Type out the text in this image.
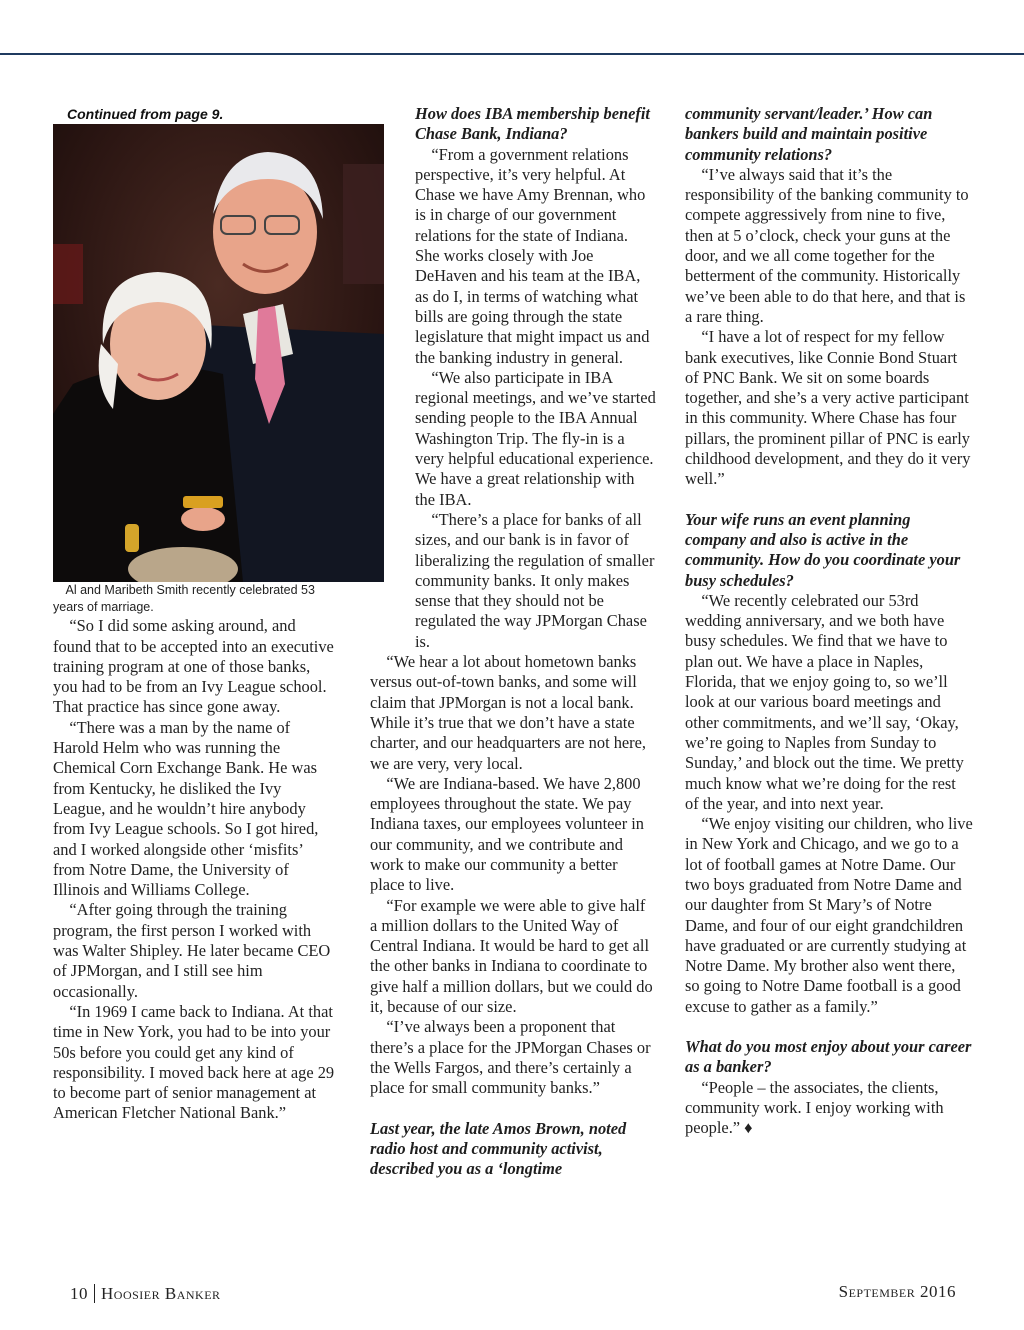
Continued from page 9.

Al and Maribeth Smith recently celebrated 53 years of marriage.

“So I did some asking around, and found that to be accepted into an executive training program at one of those banks, you had to be from an Ivy League school. That practice has since gone away.

“There was a man by the name of Harold Helm who was running the Chemical Corn Exchange Bank. He was from Kentucky, he disliked the Ivy League, and he wouldn’t hire anybody from Ivy League schools. So I got hired, and I worked alongside other ‘misfits’ from Notre Dame, the University of Illinois and Williams College.

“After going through the training program, the first person I worked with was Walter Shipley. He later became CEO of JPMorgan, and I still see him occasionally.

“In 1969 I came back to Indiana. At that time in New York, you had to be into your 50s before you could get any kind of responsibility. I moved back here at age 29 to become part of senior management at American Fletcher National Bank.”

How does IBA membership benefit Chase Bank, Indiana?

“From a government relations perspective, it’s very helpful. At Chase we have Amy Brennan, who is in charge of our government relations for the state of Indiana. She works closely with Joe DeHaven and his team at the IBA, as do I, in terms of watching what bills are going through the state legislature that might impact us and the banking industry in general.

“We also participate in IBA regional meetings, and we’ve started sending people to the IBA Annual Washington Trip. The fly-in is a very helpful educational experience. We have a great relationship with the IBA.

“There’s a place for banks of all sizes, and our bank is in favor of liberalizing the regulation of smaller community banks. It only makes sense that they should not be regulated the way JPMorgan Chase is.

“We hear a lot about hometown banks versus out-of-town banks, and some will claim that JPMorgan is not a local bank. While it’s true that we don’t have a state charter, and our headquarters are not here, we are very, very local.

“We are Indiana-based. We have 2,800 employees throughout the state. We pay Indiana taxes, our employees volunteer in our community, and we contribute and work to make our community a better place to live.

“For example we were able to give half a million dollars to the United Way of Central Indiana. It would be hard to get all the other banks in Indiana to coordinate to give half a million dollars, but we could do it, because of our size.

“I’ve always been a proponent that there’s a place for the JPMorgan Chases or the Wells Fargos, and there’s certainly a place for small community banks.”

Last year, the late Amos Brown, noted radio host and community activist, described you as a ‘longtime

community servant/leader.’ How can bankers build and maintain positive community relations?

“I’ve always said that it’s the responsibility of the banking community to compete aggressively from nine to five, then at 5 o’clock, check your guns at the door, and we all come together for the betterment of the community. Historically we’ve been able to do that here, and that is a rare thing.

“I have a lot of respect for my fellow bank executives, like Connie Bond Stuart of PNC Bank. We sit on some boards together, and she’s a very active participant in this community. Where Chase has four pillars, the prominent pillar of PNC is early childhood development, and they do it very well.”

Your wife runs an event planning company and also is active in the community. How do you coordinate your busy schedules?

“We recently celebrated our 53rd wedding anniversary, and we both have busy schedules. We find that we have to plan out. We have a place in Naples, Florida, that we enjoy going to, so we’ll look at our various board meetings and other commitments, and we’ll say, ‘Okay, we’re going to Naples from Sunday to Sunday,’ and block out the time. We pretty much know what we’re doing for the rest of the year, and into next year.

“We enjoy visiting our children, who live in New York and Chicago, and we go to a lot of football games at Notre Dame. Our two boys graduated from Notre Dame and our daughter from St Mary’s of Notre Dame, and four of our eight grandchildren have graduated or are currently studying at Notre Dame. My brother also went there, so going to Notre Dame football is a good excuse to gather as a family.”

What do you most enjoy about your career as a banker?

“People – the associates, the clients, community work. I enjoy working with people.” ♦

10 Hoosier Banker	September 2016
